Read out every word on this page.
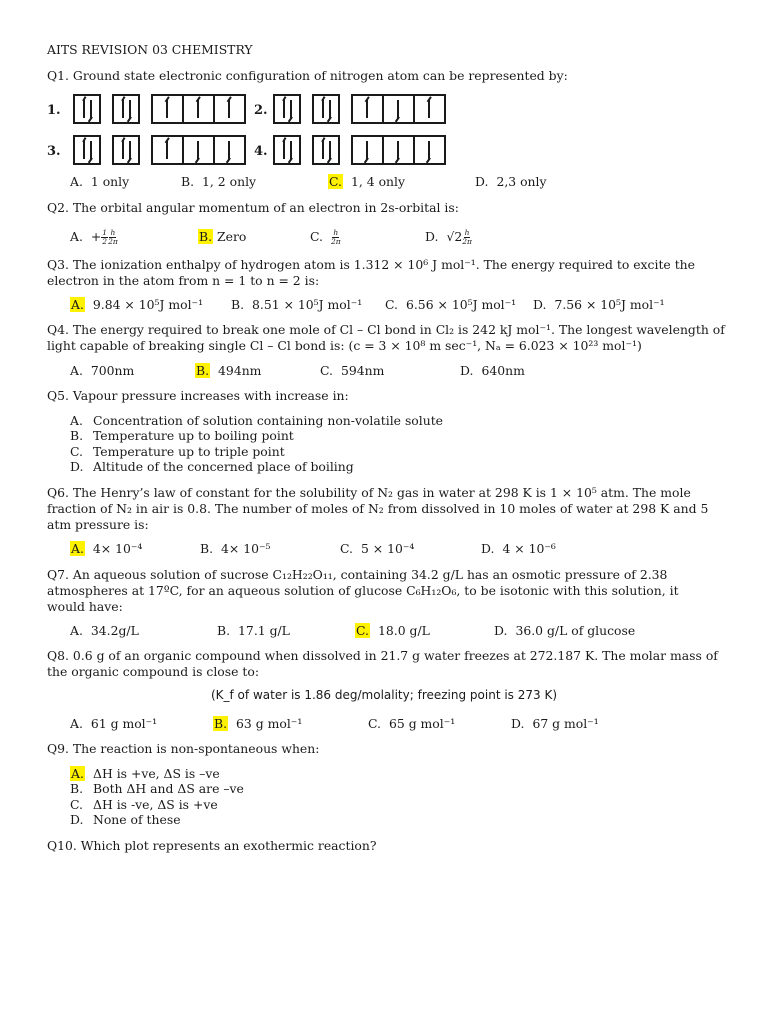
AITS REVISION 03 CHEMISTRY
Q1. Ground state electronic configuration of nitrogen atom can be represented by:
1.	2.
3.	4.
A. 1 only	B. 1, 2 only	C. 1, 4 only	D. 2,3 only
Q2. The orbital angular momentum of an electron in 2s-orbital is:
A. + $\frac{1}{2} \frac{h}{2\pi}$	B. Zero	C. $\frac{h}{2\pi}$	D. $√2 \frac{h}{2\pi}$
Q3. The ionization enthalpy of hydrogen atom is 1.312 × 10⁶ J mol⁻¹. The energy required to excite the
electron in the atom from n = 1 to n = 2 is:
A. 9.84 × 10⁵J mol⁻¹ B. 8.51 × 10⁵J mol⁻¹ C. 6.56 × 10⁵J mol⁻¹ D. 7.56 × 10⁵J mol⁻¹
Q4. The energy required to break one mole of Cl – Cl bond in Cl₂ is 242 kJ mol⁻¹. The longest wavelength of
light capable of breaking single Cl – Cl bond is: (c = 3 × 10⁸ m sec⁻¹, Nₐ = 6.023 × 10²³ mol⁻¹)
A. 700nm	B. 494nm	C. 594nm	D. 640nm
Q5. Vapour pressure increases with increase in:
A. Concentration of solution containing non-volatile solute
B. Temperature up to boiling point
C. Temperature up to triple point
D. Altitude of the concerned place of boiling
Q6. The Henry’s law of constant for the solubility of N₂ gas in water at 298 K is 1 × 10⁵ atm. The mole
fraction of N₂ in air is 0.8. The number of moles of N₂ from dissolved in 10 moles of water at 298 K and 5
atm pressure is:
A. 4× 10⁻⁴	B. 4× 10⁻⁵	C. 5 × 10⁻⁴	D. 4 × 10⁻⁶
Q7. An aqueous solution of sucrose C₁₂H₂₂O₁₁, containing 34.2 g/L has an osmotic pressure of 2.38
atmospheres at 17ºC, for an aqueous solution of glucose C₆H₁₂O₆, to be isotonic with this solution, it
would have:
A. 34.2g/L	B. 17.1 g/L	C. 18.0 g/L	D. 36.0 g/L of glucose
Q8. 0.6 g of an organic compound when dissolved in 21.7 g water freezes at 272.187 K. The molar mass of
the organic compound is close to:
(K_f of water is 1.86 deg/molality; freezing point is 273 K)
A. 61 g mol⁻¹	B. 63 g mol⁻¹	C. 65 g mol⁻¹	D. 67 g mol⁻¹
Q9. The reaction is non-spontaneous when:
A. ΔH is +ve, ΔS is –ve
B. Both ΔH and ΔS are –ve
C. ΔH is -ve, ΔS is +ve
D. None of these
Q10. Which plot represents an exothermic reaction?
